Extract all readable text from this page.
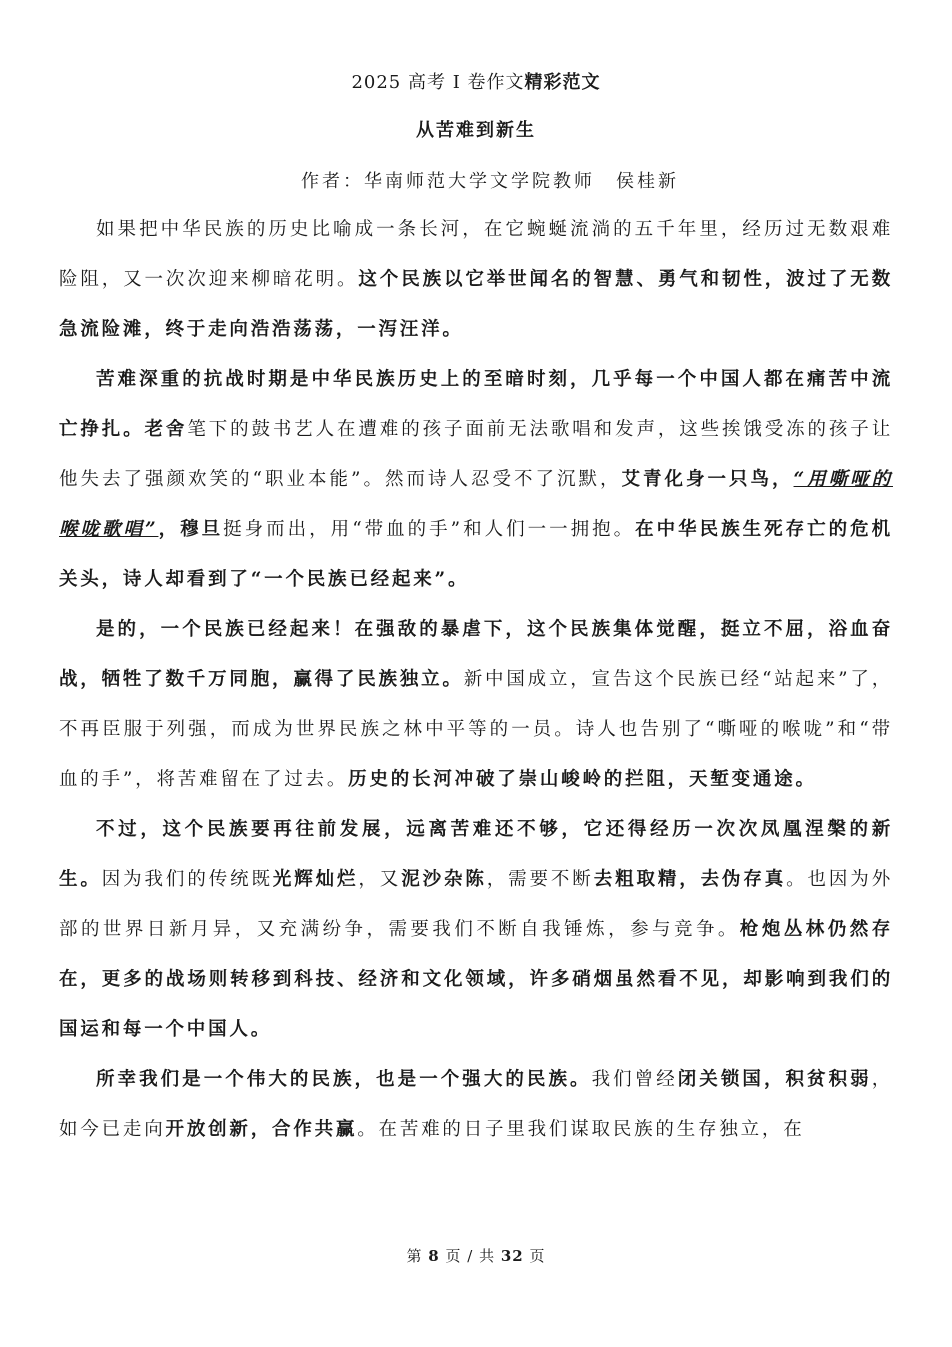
2025 高考 I 卷作文精彩范文
从苦难到新生
作者：华南师范大学文学院教师　侯桂新

如果把中华民族的历史比喻成一条长河，在它蜿蜒流淌的五千年里，经历过无数艰难险阻，又一次次迎来柳暗花明。这个民族以它举世闻名的智慧、勇气和韧性，波过了无数急流险滩，终于走向浩浩荡荡，一泻汪洋。

苦难深重的抗战时期是中华民族历史上的至暗时刻，几乎每一个中国人都在痛苦中流亡挣扎。老舍笔下的鼓书艺人在遭难的孩子面前无法歌唱和发声，这些挨饿受冻的孩子让他失去了强颜欢笑的“职业本能”。然而诗人忍受不了沉默，艾青化身一只鸟，“用嘶哑的喉咙歌唱”，穆旦挺身而出，用“带血的手”和人们一一拥抱。在中华民族生死存亡的危机关头，诗人却看到了“一个民族已经起来”。

是的，一个民族已经起来！在强敌的暴虐下，这个民族集体觉醒，挺立不屈，浴血奋战，牺牲了数千万同胞，赢得了民族独立。新中国成立，宣告这个民族已经“站起来”了，不再臣服于列强，而成为世界民族之林中平等的一员。诗人也告别了“嘶哑的喉咙”和“带血的手”，将苦难留在了过去。历史的长河冲破了崇山峻岭的拦阻，天堑变通途。

不过，这个民族要再往前发展，远离苦难还不够，它还得经历一次次凤凰涅槃的新生。因为我们的传统既光辉灿烂，又泥沙杂陈，需要不断去粗取精，去伪存真。也因为外部的世界日新月异，又充满纷争，需要我们不断自我锤炼，参与竞争。枪炮丛林仍然存在，更多的战场则转移到科技、经济和文化领域，许多硝烟虽然看不见，却影响到我们的国运和每一个中国人。

所幸我们是一个伟大的民族，也是一个强大的民族。我们曾经闭关锁国，积贫积弱，如今已走向开放创新，合作共赢。在苦难的日子里我们谋取民族的生存独立，在

第 8 页 / 共 32 页
